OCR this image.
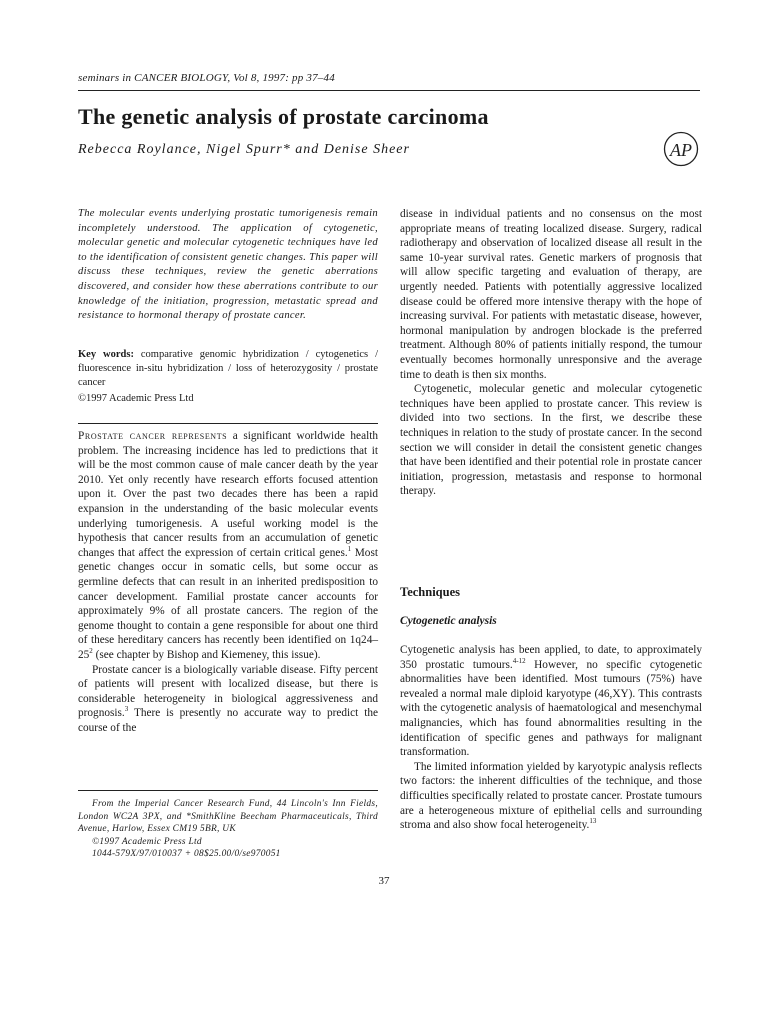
seminars in CANCER BIOLOGY, Vol 8, 1997: pp 37–44
The genetic analysis of prostate carcinoma
Rebecca Roylance, Nigel Spurr* and Denise Sheer	AP

The molecular events underlying prostatic tumorigenesis remain incompletely understood. The application of cytogenetic, molecular genetic and molecular cytogenetic techniques have led to the identification of consistent genetic changes. This paper will discuss these techniques, review the genetic aberrations discovered, and consider how these aberrations contribute to our knowledge of the initiation, progression, metastatic spread and resistance to hormonal therapy of prostate cancer.

Key words: comparative genomic hybridization / cytogenetics / fluorescence in-situ hybridization / loss of heterozygosity / prostate cancer
©1997 Academic Press Ltd

Prostate cancer represents a significant worldwide health problem. The increasing incidence has led to predictions that it will be the most common cause of male cancer death by the year 2010. Yet only recently have research efforts focused attention upon it. Over the past two decades there has been a rapid expansion in the understanding of the basic molecular events underlying tumorigenesis. A useful working model is the hypothesis that cancer results from an accumulation of genetic changes that affect the expression of certain critical genes.$^1$ Most genetic changes occur in somatic cells, but some occur as germline defects that can result in an inherited predisposition to cancer development. Familial prostate cancer accounts for approximately 9% of all prostate cancers. The region of the genome thought to contain a gene responsible for about one third of these hereditary cancers has recently been identified on $1q24-25^2$ (see chapter by Bishop and Kiemeney, this issue).

Prostate cancer is a biologically variable disease. Fifty percent of patients will present with localized disease, but there is considerable heterogeneity in biological aggressiveness and prognosis.$^3$ There is presently no accurate way to predict the course of the

From the Imperial Cancer Research Fund, 44 Lincoln's Inn Fields, London WC2A 3PX, and *SmithKline Beecham Pharmaceuticals, Third Avenue, Harlow, Essex CM19 5BR, UK

©1997 Academic Press Ltd

1044-579X/97/010037 + 08$25.00/0/se970051

disease in individual patients and no consensus on the most appropriate means of treating localized disease. Surgery, radical radiotherapy and observation of localized disease all result in the same 10-year survival rates. Genetic markers of prognosis that will allow specific targeting and evaluation of therapy, are urgently needed. Patients with potentially aggressive localized disease could be offered more intensive therapy with the hope of increasing survival. For patients with metastatic disease, however, hormonal manipulation by androgen blockade is the preferred treatment. Although 80% of patients initially respond, the tumour eventually becomes hormonally unresponsive and the average time to death is then six months.

Cytogenetic, molecular genetic and molecular cytogenetic techniques have been applied to prostate cancer. This review is divided into two sections. In the first, we describe these techniques in relation to the study of prostate cancer. In the second section we will consider in detail the consistent genetic changes that have been identified and their potential role in prostate cancer initiation, progression, metastasis and response to hormonal therapy.

Techniques
Cytogenetic analysis

Cytogenetic analysis has been applied, to date, to approximately 350 prostatic tumours.$^{4-12}$ However, no specific cytogenetic abnormalities have been identified. Most tumours (75%) have revealed a normal male diploid karyotype (46,XY). This contrasts with the cytogenetic analysis of haematological and mesenchymal malignancies, which has found abnormalities resulting in the identification of specific genes and pathways for malignant transformation.

The limited information yielded by karyotypic analysis reflects two factors: the inherent difficulties of the technique, and those difficulties specifically related to prostate cancer. Prostate tumours are a heterogeneous mixture of epithelial cells and surrounding stroma and also show focal heterogeneity.$^{13}$

37
